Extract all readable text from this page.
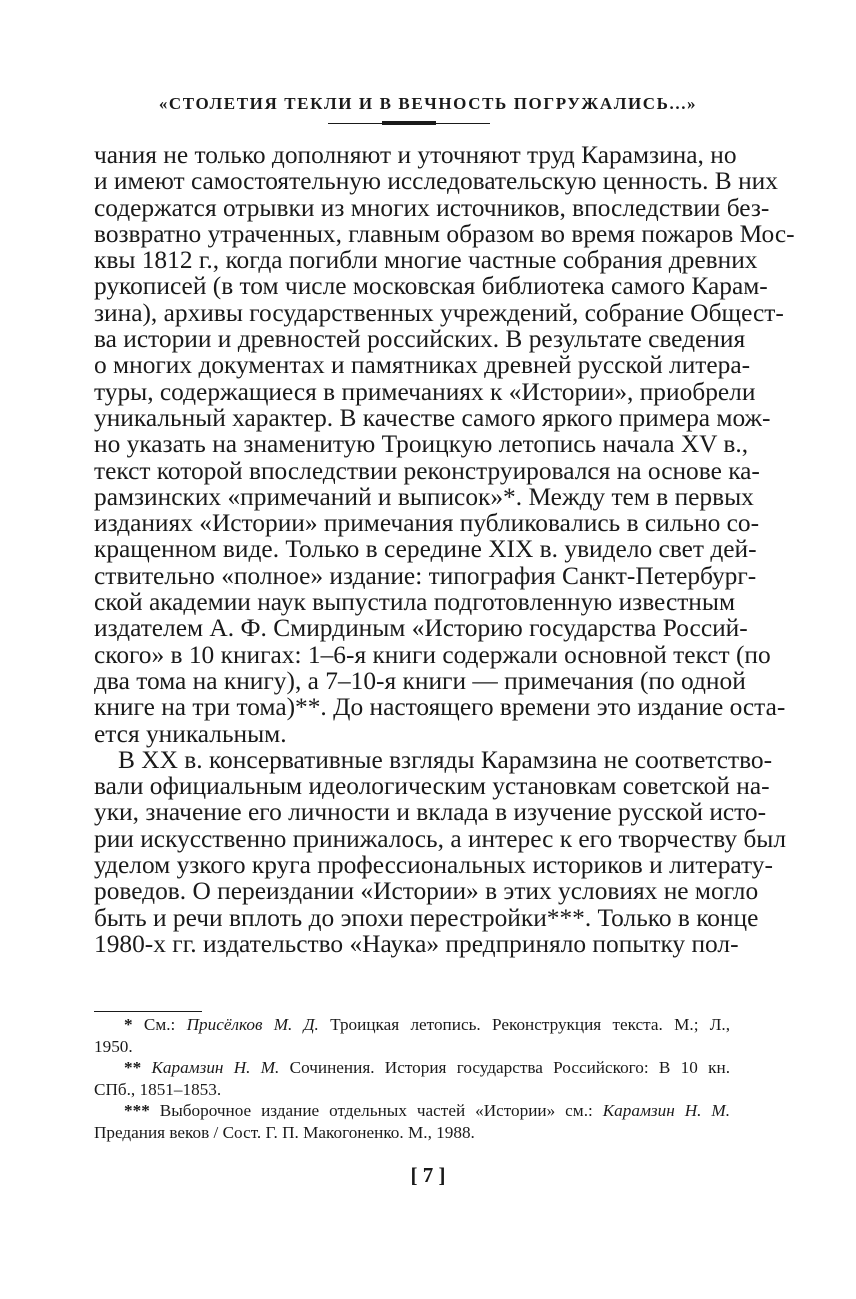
«СТОЛЕТИЯ ТЕКЛИ И В ВЕЧНОСТЬ ПОГРУЖАЛИСЬ...»
чания не только дополняют и уточняют труд Карамзина, но
и имеют самостоятельную исследовательскую ценность. В них
содержатся отрывки из многих источников, впоследствии без-
возвратно утраченных, главным образом во время пожаров Мос-
квы 1812 г., когда погибли многие частные собрания древних
рукописей (в том числе московская библиотека самого Карам-
зина), архивы государственных учреждений, собрание Общест-
ва истории и древностей российских. В результате сведения
о многих документах и памятниках древней русской литера-
туры, содержащиеся в примечаниях к «Истории», приобрели
уникальный характер. В качестве самого яркого примера мож-
но указать на знаменитую Троицкую летопись начала XV в.,
текст которой впоследствии реконструировался на основе ка-
рамзинских «примечаний и выписок»*. Между тем в первых
изданиях «Истории» примечания публиковались в сильно со-
кращенном виде. Только в середине XIX в. увидело свет дей-
ствительно «полное» издание: типография Санкт-Петербург-
ской академии наук выпустила подготовленную известным
издателем А. Ф. Смирдиным «Историю государства Россий-
ского» в 10 книгах: 1–6-я книги содержали основной текст (по
два тома на книгу), а 7–10-я книги — примечания (по одной
книге на три тома)**. До настоящего времени это издание оста-
ется уникальным.
В XX в. консервативные взгляды Карамзина не соответство-
вали официальным идеологическим установкам советской на-
уки, значение его личности и вклада в изучение русской исто-
рии искусственно принижалось, а интерес к его творчеству был
уделом узкого круга профессиональных историков и литерату-
роведов. О переиздании «Истории» в этих условиях не могло
быть и речи вплоть до эпохи перестройки***. Только в конце
1980-х гг. издательство «Наука» предприняло попытку пол-
* См.: Присёлков М. Д. Троицкая летопись. Реконструкция текста. М.; Л.,
1950.
** Карамзин Н. М. Сочинения. История государства Российского: В 10 кн.
СПб., 1851–1853.
*** Выборочное издание отдельных частей «Истории» см.: Карамзин Н. М.
Предания веков / Сост. Г. П. Макогоненко. М., 1988.
[ 7 ]
